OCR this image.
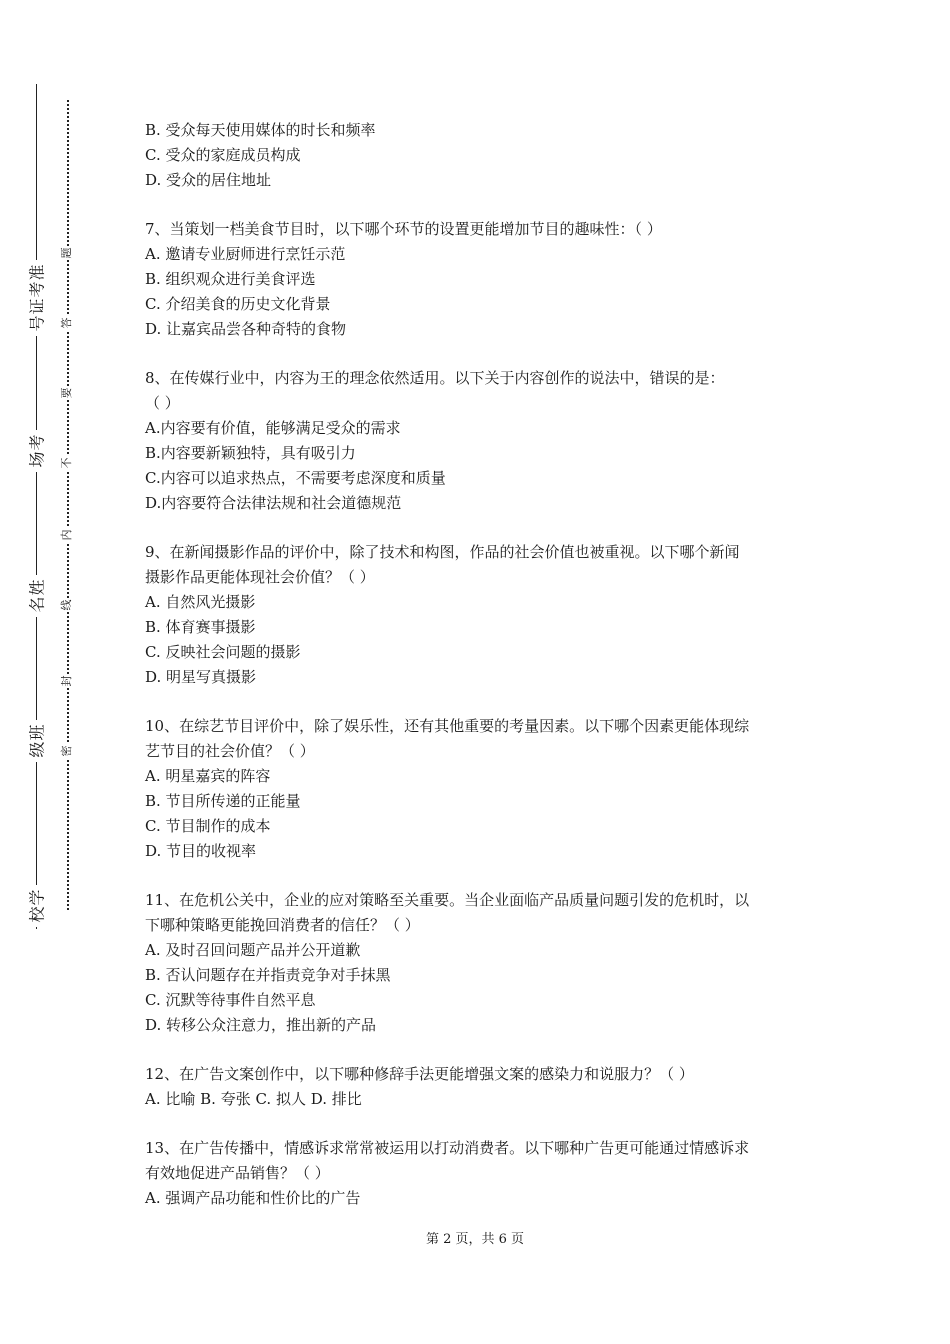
准
考
证
号
考
场
姓
名
班
级
学
校
题
答
要
不
内
线
封
密
B. 受众每天使用媒体的时长和频率
C. 受众的家庭成员构成
D. 受众的居住地址
7、当策划一档美食节目时，以下哪个环节的设置更能增加节目的趣味性：（ ）
A. 邀请专业厨师进行烹饪示范
B. 组织观众进行美食评选
C. 介绍美食的历史文化背景
D. 让嘉宾品尝各种奇特的食物
8、在传媒行业中，内容为王的理念依然适用。以下关于内容创作的说法中，错误的是：
（ ）
A.内容要有价值，能够满足受众的需求
B.内容要新颖独特，具有吸引力
C.内容可以追求热点，不需要考虑深度和质量
D.内容要符合法律法规和社会道德规范
9、在新闻摄影作品的评价中，除了技术和构图，作品的社会价值也被重视。以下哪个新闻
摄影作品更能体现社会价值？（ ）
A. 自然风光摄影
B. 体育赛事摄影
C. 反映社会问题的摄影
D. 明星写真摄影
10、在综艺节目评价中，除了娱乐性，还有其他重要的考量因素。以下哪个因素更能体现综
艺节目的社会价值？（ ）
A. 明星嘉宾的阵容
B. 节目所传递的正能量
C. 节目制作的成本
D. 节目的收视率
11、在危机公关中，企业的应对策略至关重要。当企业面临产品质量问题引发的危机时，以
下哪种策略更能挽回消费者的信任？（ ）
A. 及时召回问题产品并公开道歉
B. 否认问题存在并指责竞争对手抹黑
C. 沉默等待事件自然平息
D. 转移公众注意力，推出新的产品
12、在广告文案创作中，以下哪种修辞手法更能增强文案的感染力和说服力？（ ）
A. 比喻 B. 夸张 C. 拟人 D. 排比
13、在广告传播中，情感诉求常常被运用以打动消费者。以下哪种广告更可能通过情感诉求
有效地促进产品销售？（ ）
A. 强调产品功能和性价比的广告
第 2 页，共 6 页
